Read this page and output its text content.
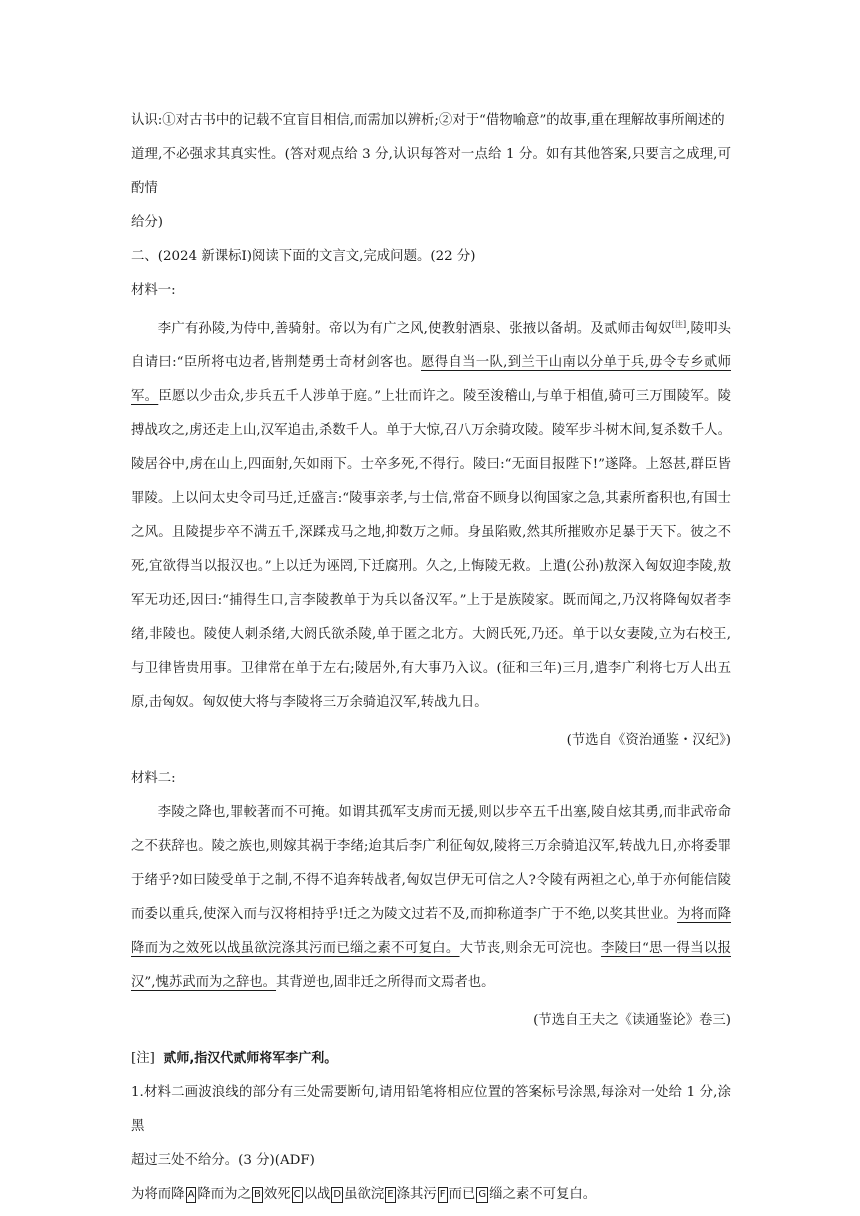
认识:①对古书中的记载不宜盲目相信,而需加以辨析;②对于“借物喻意”的故事,重在理解故事所阐述的

道理,不必强求其真实性。(答对观点给 3 分,认识每答对一点给 1 分。如有其他答案,只要言之成理,可酌情

给分)

二、(2024 新课标Ⅰ)阅读下面的文言文,完成问题。(22 分)

材料一:

李广有孙陵,为侍中,善骑射。帝以为有广之风,使教射酒泉、张掖以备胡。及贰师击匈奴[注],陵叩头自请曰:“臣所将屯边者,皆荆楚勇士奇材剑客也。愿得自当一队,到兰干山南以分单于兵,毋令专乡贰师军。臣愿以少击众,步兵五千人涉单于庭。”上壮而许之。陵至浚稽山,与单于相值,骑可三万围陵军。陵搏战攻之,虏还走上山,汉军追击,杀数千人。单于大惊,召八万余骑攻陵。陵军步斗树木间,复杀数千人。陵居谷中,虏在山上,四面射,矢如雨下。士卒多死,不得行。陵曰:“无面目报陛下!”遂降。上怒甚,群臣皆罪陵。上以问太史令司马迁,迁盛言:“陵事亲孝,与士信,常奋不顾身以徇国家之急,其素所畜积也,有国士之风。且陵提步卒不满五千,深蹂戎马之地,抑数万之师。身虽陷败,然其所摧败亦足暴于天下。彼之不死,宜欲得当以报汉也。”上以迁为诬罔,下迁腐刑。久之,上悔陵无救。上遣(公孙)敖深入匈奴迎李陵,敖军无功还,因曰:“捕得生口,言李陵教单于为兵以备汉军。”上于是族陵家。既而闻之,乃汉将降匈奴者李绪,非陵也。陵使人刺杀绪,大阏氏欲杀陵,单于匿之北方。大阏氏死,乃还。单于以女妻陵,立为右校王,与卫律皆贵用事。卫律常在单于左右;陵居外,有大事乃入议。(征和三年)三月,遣李广利将七万人出五原,击匈奴。匈奴使大将与李陵将三万余骑追汉军,转战九日。

(节选自《资治通鉴・汉纪》)

材料二:

李陵之降也,罪較著而不可掩。如谓其孤军支虏而无援,则以步卒五千出塞,陵自炫其勇,而非武帝命之不获辞也。陵之族也,则嫁其祸于李绪;迨其后李广利征匈奴,陵将三万余骑追汉军,转战九日,亦将委罪于绪乎?如曰陵受单于之制,不得不追奔转战者,匈奴岂伊无可信之人?令陵有两袒之心,单于亦何能信陵而委以重兵,使深入而与汉将相持乎!迁之为陵文过若不及,而抑称道李广于不绝,以奖其世业。为将而降降而为之效死以战虽欲浣涤其污而已缁之素不可复白。大节丧,则余无可浣也。李陵曰“思一得当以报汉”,愧苏武而为之辞也。其背逆也,固非迁之所得而文焉者也。

(节选自王夫之《读通鉴论》卷三)

[注] 贰师,指汉代贰师将军李广利。

1.材料二画波浪线的部分有三处需要断句,请用铅笔将相应位置的答案标号涂黑,每涂对一处给 1 分,涂黑

超过三处不给分。(3 分)(ADF)

为将而降 A 降而为之 B 效死 C 以战 D 虽欲浣 E 涤其污 F 而已 G 缁之素不可复白。
